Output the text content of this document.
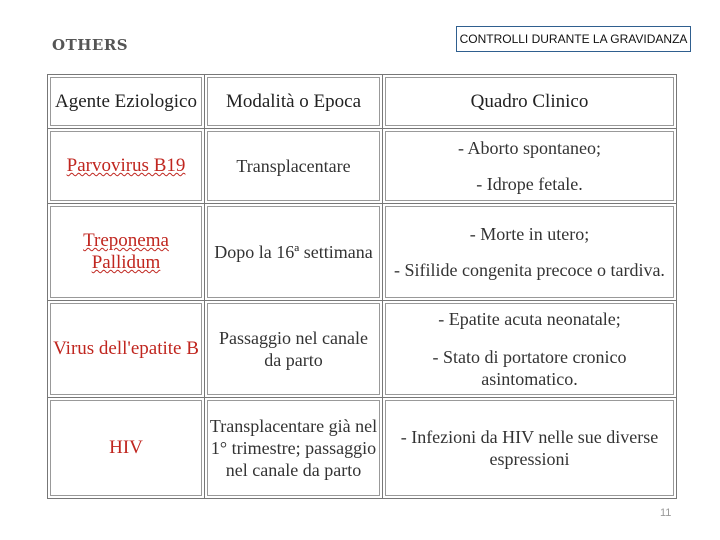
OTHERS	CONTROLLI DURANTE LA GRAVIDANZA
Agente Eziologico	Modalità o Epoca	Quadro Clinico
Parvovirus B19	Transplacentare	- Aborto spontaneo;
- Idrope fetale.

Treponema Pallidum	Dopo la 16ª settimana	- Morte in utero;
- Sifilide congenita precoce o tardiva.

Virus dell'epatite B	Passaggio nel canale da parto	- Epatite acuta neonatale;
- Stato di portatore cronico asintomatico.

HIV	Transplacentare già nel 1° trimestre; passaggio nel canale da parto	- Infezioni da HIV nelle sue diverse espressioni
11
